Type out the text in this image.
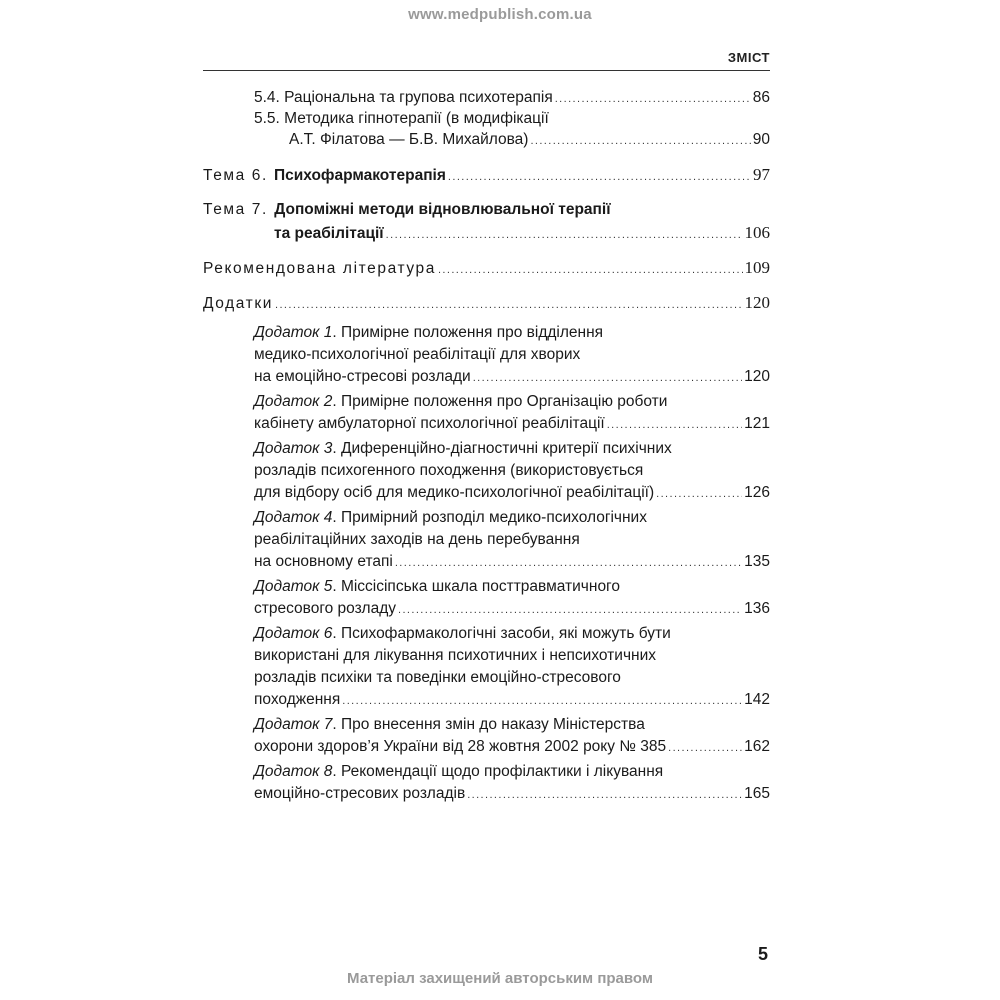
www.medpublish.com.ua
ЗМІСТ
5.4. Раціональна та групова психотерапія .....	86
5.5. Методика гіпнотерапії (в модифікації
А.Т. Філатова — Б.В. Михайлова) .....	90
Тема 6. Психофармакотерапія .....	97
Тема 7. Допоміжні методи відновлювальної терапії
та реабілітації .....	106
Рекомендована література .....	109
Додатки .....	120
Додаток 1. Примірне положення про відділення
медико-психологічної реабілітації для хворих
на емоційно-стресові розлади .....	120
Додаток 2. Примірне положення про Організацію роботи
кабінету амбулаторної психологічної реабілітації .....	121
Додаток 3. Диференційно-діагностичні критерії психічних
розладів психогенного походження (використовується
для відбору осіб для медико-психологічної реабілітації) .....	126
Додаток 4. Примірний розподіл медико-психологічних
реабілітаційних заходів на день перебування
на основному етапі .....	135
Додаток 5. Міссісіпська шкала посттравматичного
стресового розладу .....	136
Додаток 6. Психофармакологічні засоби, які можуть бути
використані для лікування психотичних і непсихотичних
розладів психіки та поведінки емоційно-стресового
походження .....	142
Додаток 7. Про внесення змін до наказу Міністерства
охорони здоров’я України від 28 жовтня 2002 року № 385 .....	162
Додаток 8. Рекомендації щодо профілактики і лікування
емоційно-стресових розладів .....	165
5
Матеріал захищений авторським правом
